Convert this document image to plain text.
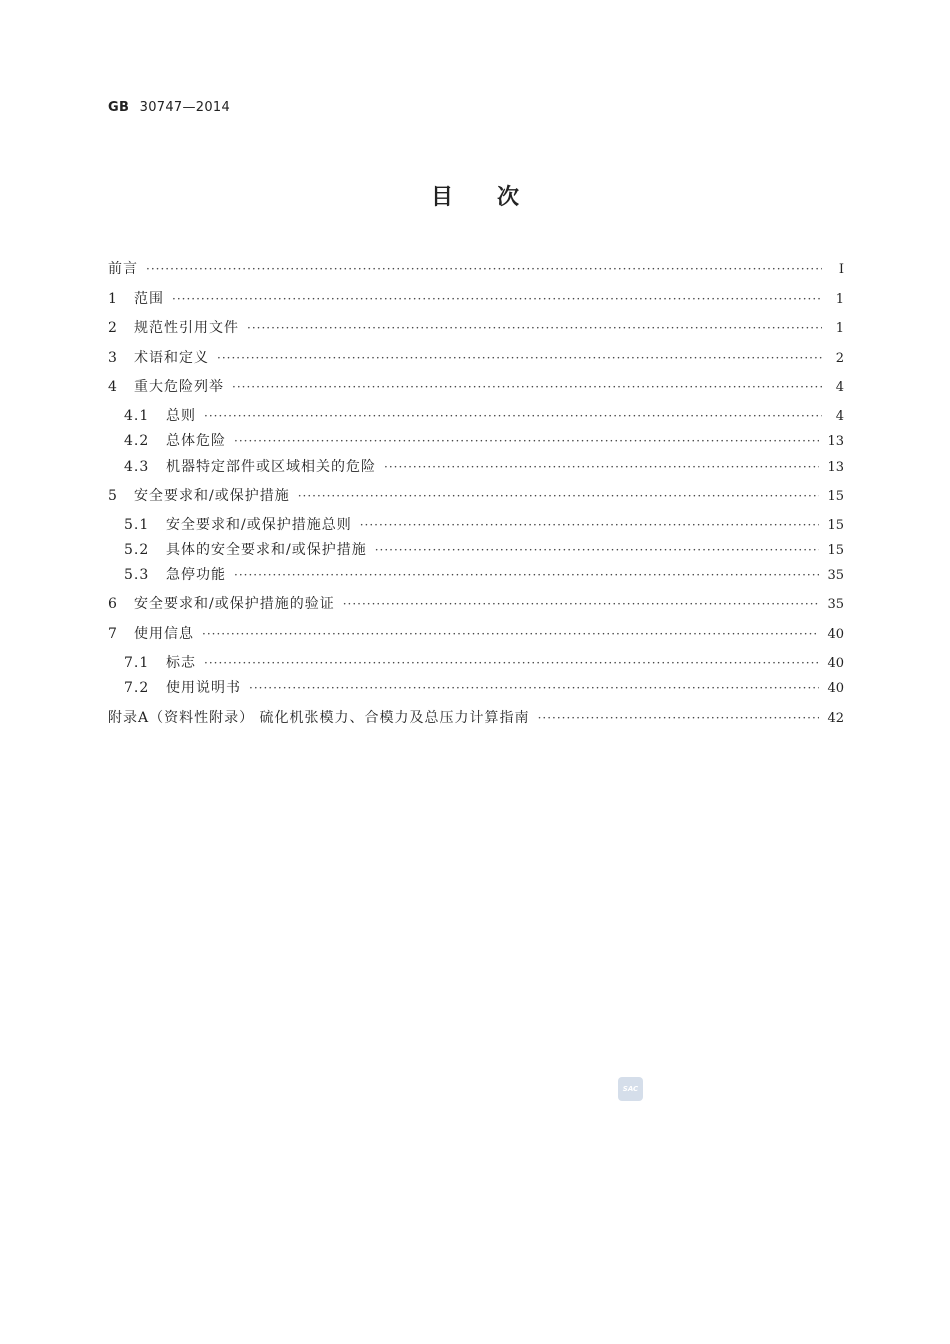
GB 30747—2014
目次
前言 ·····	Ⅰ
1	范围 ·····	1
2	规范性引用文件 ·····	1
3	术语和定义 ·····	2
4	重大危险列举 ·····	4
4.1	总则 ·····	4
4.2	总体危险 ·····	13
4.3	机器特定部件或区域相关的危险 ·····	13
5	安全要求和/或保护措施 ·····	15
5.1	安全要求和/或保护措施总则 ·····	15
5.2	具体的安全要求和/或保护措施 ·····	15
5.3	急停功能 ·····	35
6	安全要求和/或保护措施的验证 ·····	35
7	使用信息 ·····	40
7.1	标志 ·····	40
7.2	使用说明书 ·····	40
附录A（资料性附录） 硫化机张模力、合模力及总压力计算指南 ·····	42
SAC
